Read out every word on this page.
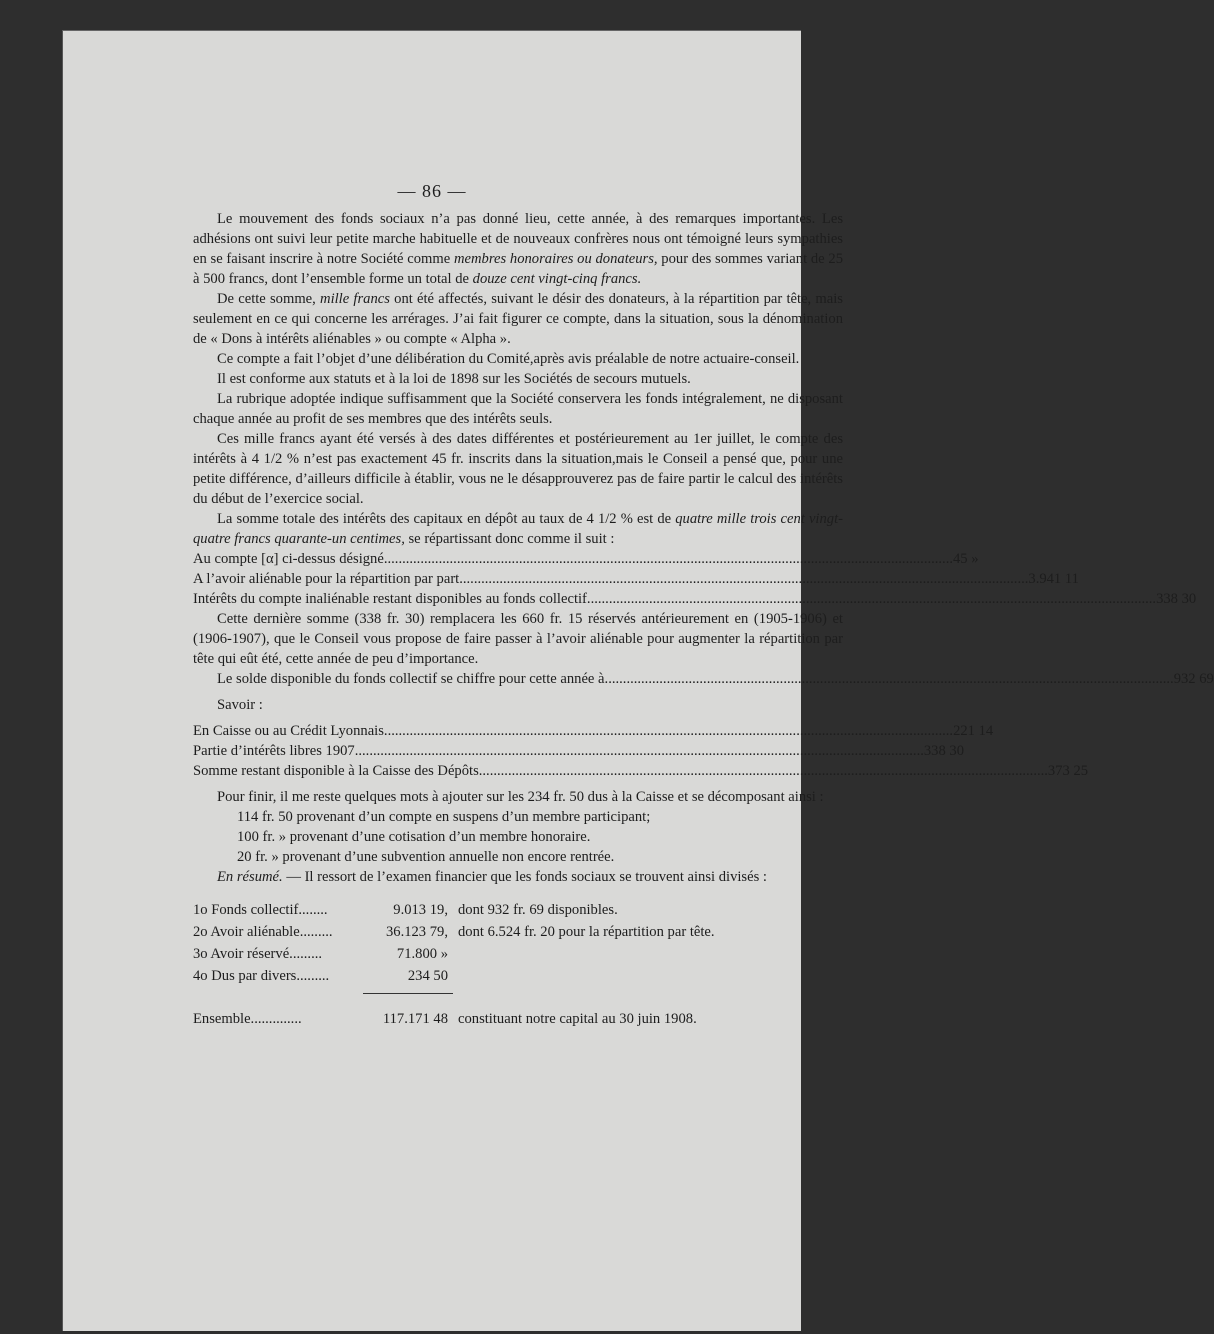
— 86 —

Le mouvement des fonds sociaux n’a pas donné lieu, cette année, à des remarques importantes. Les adhésions ont suivi leur petite marche habituelle et de nouveaux confrères nous ont témoigné leurs sympathies en se faisant inscrire à notre Société comme membres honoraires ou donateurs, pour des sommes variant de 25 à 500 francs, dont l’ensemble forme un total de douze cent vingt-cinq francs.

De cette somme, mille francs ont été affectés, suivant le désir des donateurs, à la répartition par tête, mais seulement en ce qui concerne les arrérages. J’ai fait figurer ce compte, dans la situation, sous la dénomination de « Dons à intérêts aliénables » ou compte « Alpha ».

Ce compte a fait l’objet d’une délibération du Comité,après avis préalable de notre actuaire-conseil.

Il est conforme aux statuts et à la loi de 1898 sur les Sociétés de secours mutuels.

La rubrique adoptée indique suffisamment que la Société conservera les fonds intégralement, ne disposant chaque année au profit de ses membres que des intérêts seuls.

Ces mille francs ayant été versés à des dates différentes et postérieurement au 1er juillet, le compte des intérêts à 4 1/2 % n’est pas exactement 45 fr. inscrits dans la situation,mais le Conseil a pensé que, pour une petite différence, d’ailleurs difficile à établir, vous ne le désapprouverez pas de faire partir le calcul des intérêts du début de l’exercice social.

La somme totale des intérêts des capitaux en dépôt au taux de 4 1/2 % est de quatre mille trois cent vingt-quatre francs quarante-un centimes, se répartissant donc comme il suit :

Au compte [α] ci-dessus désigné .....	45 »
A l’avoir aliénable pour la répartition par part .....	3.941 11
Intérêts du compte inaliénable restant disponibles au fonds collectif .....	338 30

Cette dernière somme (338 fr. 30) remplacera les 660 fr. 15 réservés antérieurement en (1905-1906) et (1906-1907), que le Conseil vous propose de faire passer à l’avoir aliénable pour augmenter la répartition par tête qui eût été, cette année de peu d’importance.

Le solde disponible du fonds collectif se chiffre pour cette année à .....	932 69

Savoir :

En Caisse ou au Crédit Lyonnais .....	221 14
Partie d’intérêts libres 1907 .....	338 30
Somme restant disponible à la Caisse des Dépôts .....	373 25

Pour finir, il me reste quelques mots à ajouter sur les 234 fr. 50 dus à la Caisse et se décomposant ainsi :

114 fr. 50 provenant d’un compte en suspens d’un membre participant;
100 fr. » provenant d’une cotisation d’un membre honoraire.
20 fr. » provenant d’une subvention annuelle non encore rentrée.

En résumé. — Il ressort de l’examen financier que les fonds sociaux se trouvent ainsi divisés :

1o Fonds collectif........	9.013 19, dont 932 fr. 69 disponibles.
2o Avoir aliénable.........	36.123 79, dont 6.524 fr. 20 pour la répartition par tête.
3o Avoir réservé.........	71.800 »
4o Dus par divers.........	234 50
Ensemble..............	117.171 48 constituant notre capital au 30 juin 1908.
